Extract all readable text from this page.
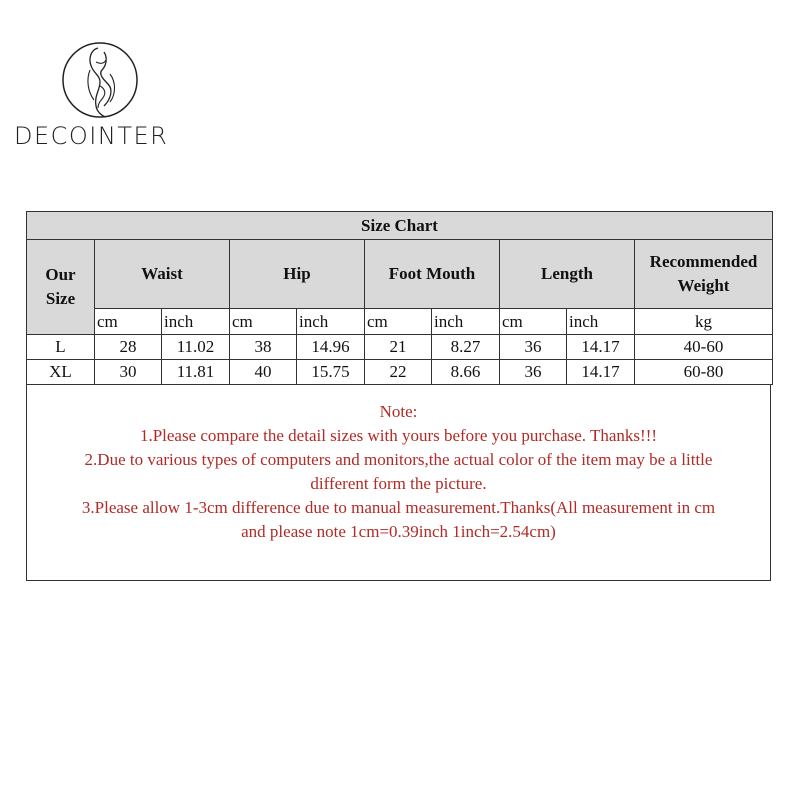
DECOINTER
Size Chart									
Our Size	Waist		Hip		Foot Mouth		Length		Recommended Weight
	cm	inch	cm	inch	cm	inch	cm	inch	kg
L	28	11.02	38	14.96	21	8.27	36	14.17	40-60
XL	30	11.81	40	15.75	22	8.66	36	14.17	60-80
Note:
1.Please compare the detail sizes with yours before you purchase. Thanks!!!
2.Due to various types of computers and monitors,the actual color of the item may be a little
different form the picture.
3.Please allow 1-3cm difference due to manual measurement.Thanks(All measurement in cm
and please note 1cm=0.39inch 1inch=2.54cm)
